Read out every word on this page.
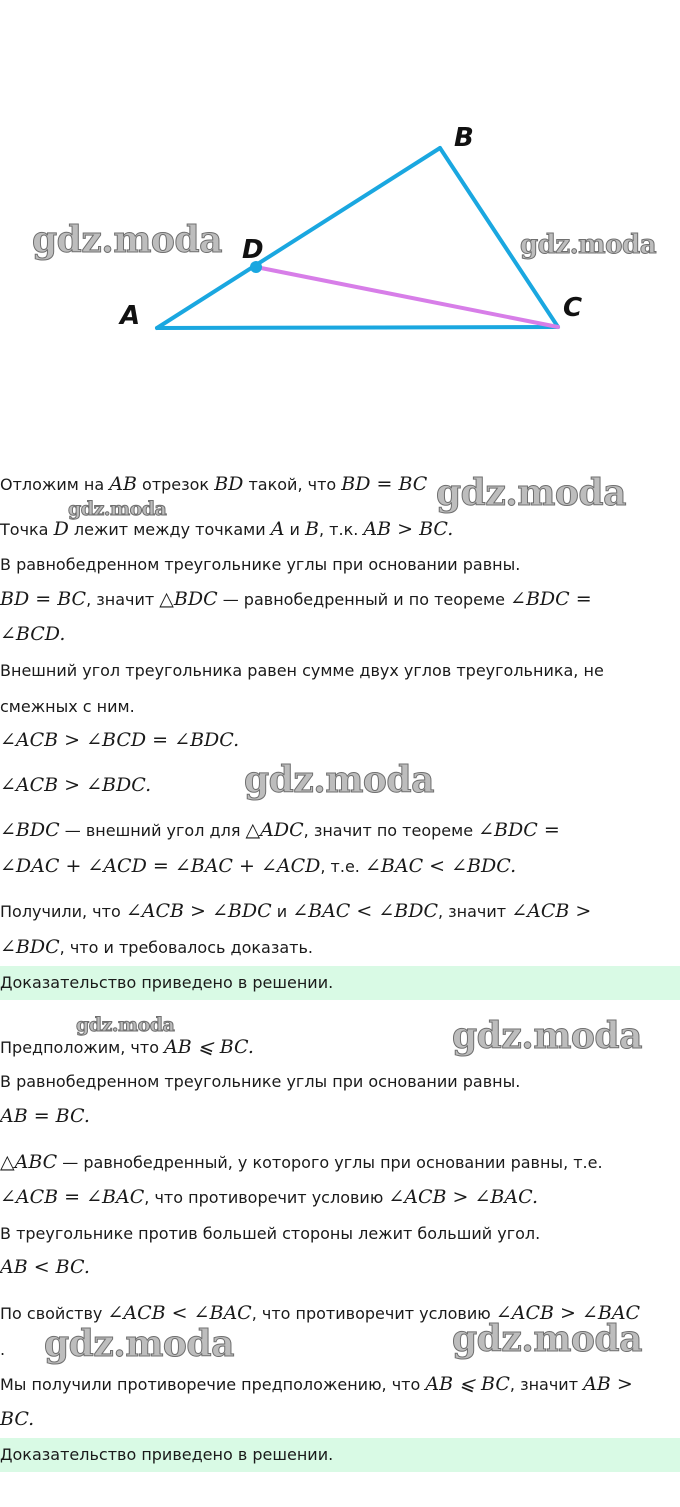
A
B
C
D
gdz.moda	gdz.moda
gdz.moda
gdz.moda
gdz.moda
gdz.moda	gdz.moda
gdz.moda	gdz.moda
Отложим на AB отрезок BD такой, что BD = BC
Точка D лежит между точками A и B, т.к. AB > BC.
В равнобедренном треугольнике углы при основании равны.
BD = BC, значит △BDC — равнобедренный и по теореме ∠BDC =
∠BCD.
Внешний угол треугольника равен сумме двух углов треугольника, не
смежных с ним.
∠ACB > ∠BCD = ∠BDC.
∠ACB > ∠BDC.
∠BDC — внешний угол для △ADC, значит по теореме ∠BDC =
∠DAC + ∠ACD = ∠BAC + ∠ACD, т.е. ∠BAC < ∠BDC.
Получили, что ∠ACB > ∠BDC и ∠BAC < ∠BDC, значит ∠ACB >
∠BDC, что и требовалось доказать.
Доказательство приведено в решении.
Предположим, что AB ⩽ BC.
В равнобедренном треугольнике углы при основании равны.
AB = BC.
△ABC — равнобедренный, у которого углы при основании равны, т.е.
∠ACB = ∠BAC, что противоречит условию ∠ACB > ∠BAC.
В треугольнике против большей стороны лежит больший угол.
AB < BC.
По свойству ∠ACB < ∠BAC, что противоречит условию ∠ACB > ∠BAC
.
Мы получили противоречие предположению, что AB ⩽ BC, значит AB >
BC.
Доказательство приведено в решении.
